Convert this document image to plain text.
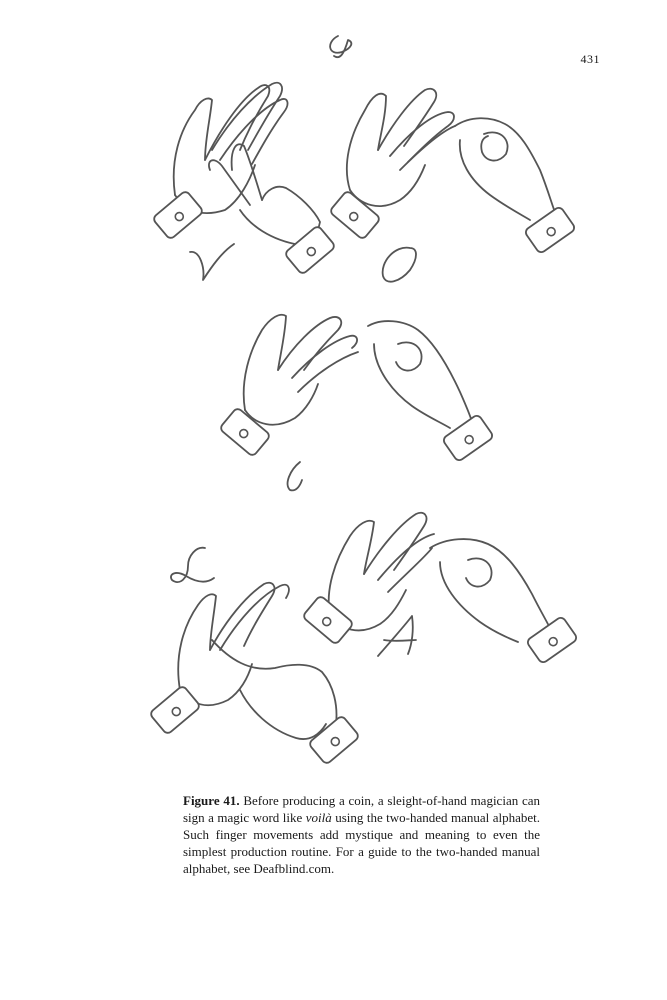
431
Figure 41. Before producing a coin, a sleight-of-hand magician can sign a magic word like voilà using the two-handed manual alphabet. Such finger movements add mystique and meaning to even the simplest production routine. For a guide to the two-handed manual alphabet, see Deafblind.com.
